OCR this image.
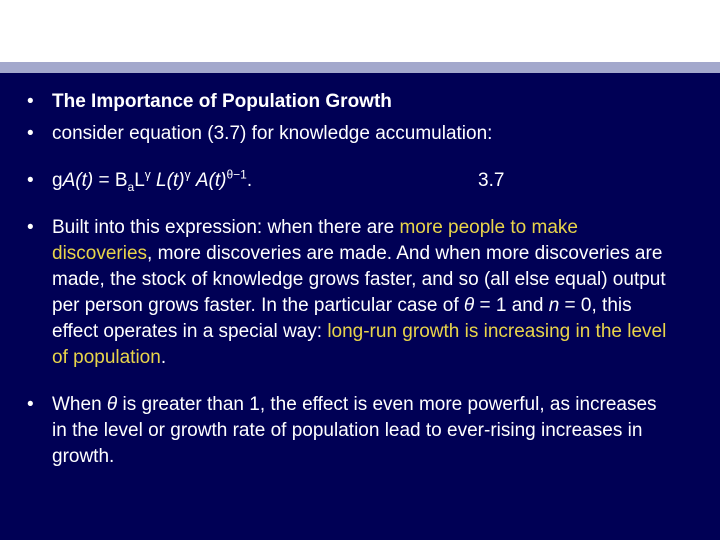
• The Importance of Population Growth
• consider equation (3.7) for knowledge accumulation:
• $gA(t) = B_aL^\gamma$ $L(t)^\gamma$ $A(t)^{\theta-1}$.	3.7
• Built into this expression: when there are more people to make discoveries, more discoveries are made. And when more discoveries are made, the stock of knowledge grows faster, and so (all else equal) output per person grows faster. In the particular case of θ = 1 and n = 0, this effect operates in a special way: long-run growth is increasing in the level of population.
• When θ is greater than 1, the effect is even more powerful, as increases in the level or growth rate of population lead to ever-rising increases in growth.
